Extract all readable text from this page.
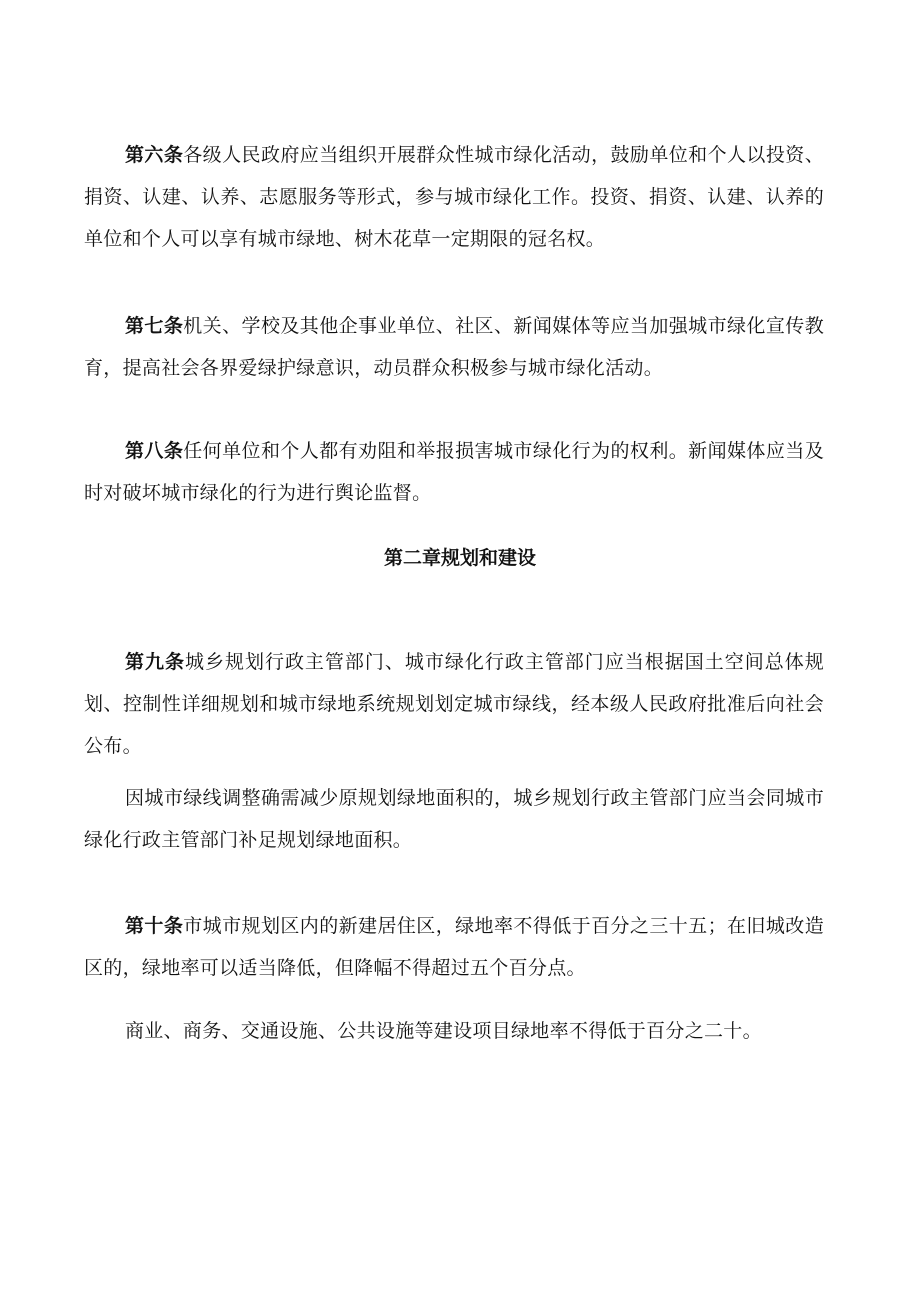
第六条各级人民政府应当组织开展群众性城市绿化活动，鼓励单位和个人以投资、捐资、认建、认养、志愿服务等形式，参与城市绿化工作。投资、捐资、认建、认养的单位和个人可以享有城市绿地、树木花草一定期限的冠名权。

第七条机关、学校及其他企事业单位、社区、新闻媒体等应当加强城市绿化宣传教育，提高社会各界爱绿护绿意识，动员群众积极参与城市绿化活动。

第八条任何单位和个人都有劝阻和举报损害城市绿化行为的权利。新闻媒体应当及时对破坏城市绿化的行为进行舆论监督。

第二章规划和建设

第九条城乡规划行政主管部门、城市绿化行政主管部门应当根据国土空间总体规划、控制性详细规划和城市绿地系统规划划定城市绿线，经本级人民政府批准后向社会公布。

因城市绿线调整确需减少原规划绿地面积的，城乡规划行政主管部门应当会同城市绿化行政主管部门补足规划绿地面积。

第十条市城市规划区内的新建居住区，绿地率不得低于百分之三十五；在旧城改造区的，绿地率可以适当降低，但降幅不得超过五个百分点。

商业、商务、交通设施、公共设施等建设项目绿地率不得低于百分之二十。
